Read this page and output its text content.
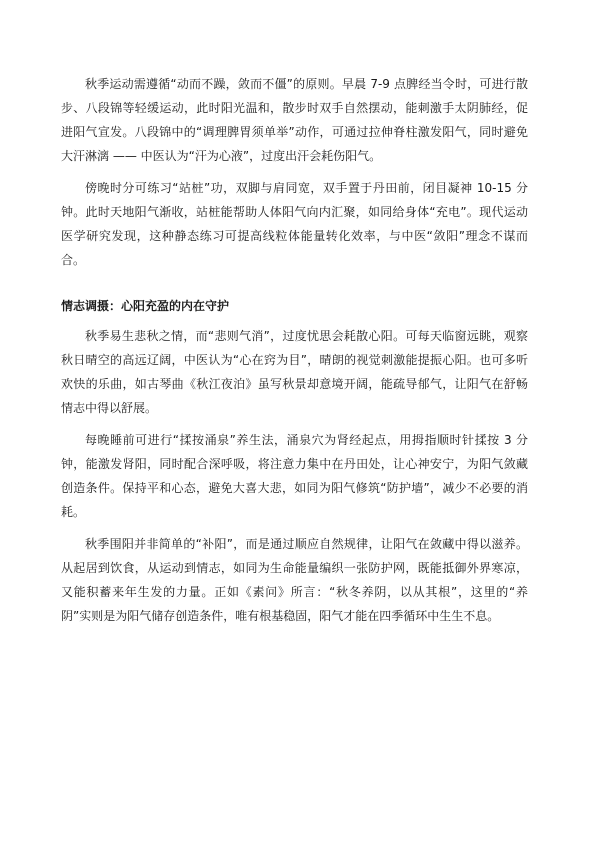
秋季运动需遵循“动而不躁，敛而不僵”的原则。早晨 7-9 点脾经当令时，可进行散步、八段锦等轻缓运动，此时阳光温和，散步时双手自然摆动，能刺激手太阴肺经，促进阳气宣发。八段锦中的“调理脾胃须单举”动作，可通过拉伸脊柱激发阳气，同时避免大汗淋漓 —— 中医认为“汗为心液”，过度出汗会耗伤阳气。

傍晚时分可练习“站桩”功，双脚与肩同宽，双手置于丹田前，闭目凝神 10-15 分钟。此时天地阳气渐收，站桩能帮助人体阳气向内汇聚，如同给身体“充电”。现代运动医学研究发现，这种静态练习可提高线粒体能量转化效率，与中医“敛阳”理念不谋而合。

情志调摄：心阳充盈的内在守护

秋季易生悲秋之情，而“悲则气消”，过度忧思会耗散心阳。可每天临窗远眺，观察秋日晴空的高远辽阔，中医认为“心在窍为目”，晴朗的视觉刺激能提振心阳。也可多听欢快的乐曲，如古琴曲《秋江夜泊》虽写秋景却意境开阔，能疏导郁气，让阳气在舒畅情志中得以舒展。

每晚睡前可进行“揉按涌泉”养生法，涌泉穴为肾经起点，用拇指顺时针揉按 3 分钟，能激发肾阳，同时配合深呼吸，将注意力集中在丹田处，让心神安宁，为阳气敛藏创造条件。保持平和心态，避免大喜大悲，如同为阳气修筑“防护墙”，减少不必要的消耗。

秋季围阳并非简单的“补阳”，而是通过顺应自然规律，让阳气在敛藏中得以滋养。从起居到饮食，从运动到情志，如同为生命能量编织一张防护网，既能抵御外界寒凉，又能积蓄来年生发的力量。正如《素问》所言：“秋冬养阴，以从其根”，这里的“养阴”实则是为阳气储存创造条件，唯有根基稳固，阳气才能在四季循环中生生不息。
